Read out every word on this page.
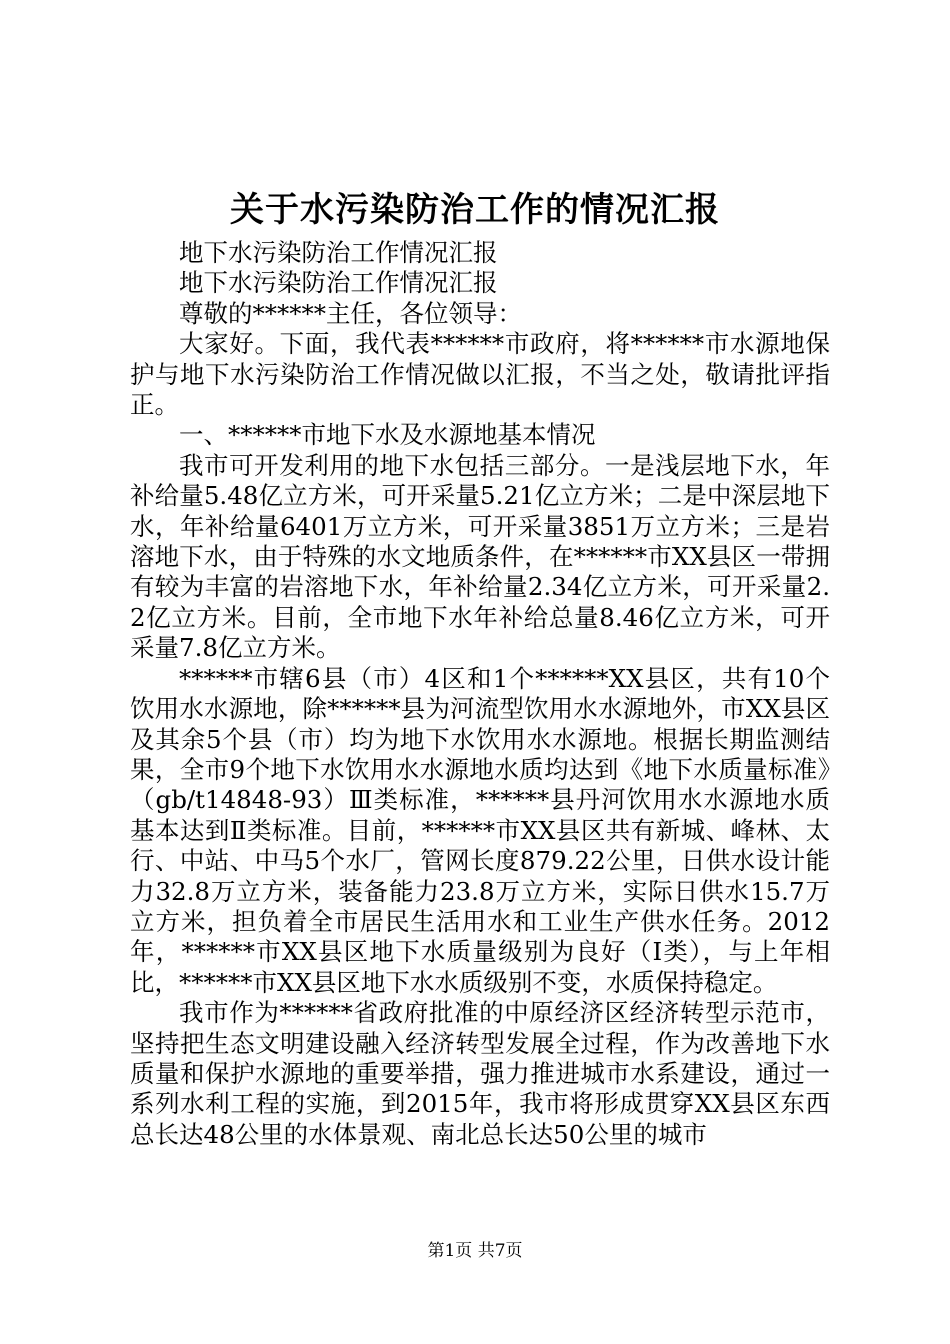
关于水污染防治工作的情况汇报

地下水污染防治工作情况汇报

地下水污染防治工作情况汇报

尊敬的******主任，各位领导：

大家好。下面，我代表******市政府，将******市水源地保护与地下水污染防治工作情况做以汇报，不当之处，敬请批评指正。

一、******市地下水及水源地基本情况

我市可开发利用的地下水包括三部分。一是浅层地下水，年补给量5.48亿立方米，可开采量5.21亿立方米；二是中深层地下水，年补给量6401万立方米，可开采量3851万立方米；三是岩溶地下水，由于特殊的水文地质条件，在******市XX县区一带拥有较为丰富的岩溶地下水，年补给量2.34亿立方米，可开采量2.2亿立方米。目前，全市地下水年补给总量8.46亿立方米，可开采量7.8亿立方米。

******市辖6县（市）4区和1个******XX县区，共有10个饮用水水源地，除******县为河流型饮用水水源地外，市XX县区及其余5个县（市）均为地下水饮用水水源地。根据长期监测结果，全市9个地下水饮用水水源地水质均达到《地下水质量标准》（gb/t14848-93）Ⅲ类标准，******县丹河饮用水水源地水质基本达到Ⅱ类标准。目前，******市XX县区共有新城、峰林、太行、中站、中马5个水厂，管网长度879.22公里，日供水设计能力32.8万立方米，装备能力23.8万立方米，实际日供水15.7万立方米，担负着全市居民生活用水和工业生产供水任务。2012年，******市XX县区地下水质量级别为良好（Ⅰ类），与上年相比，******市XX县区地下水水质级别不变，水质保持稳定。

我市作为******省政府批准的中原经济区经济转型示范市，坚持把生态文明建设融入经济转型发展全过程，作为改善地下水质量和保护水源地的重要举措，强力推进城市水系建设，通过一系列水利工程的实施，到2015年，我市将形成贯穿XX县区东西总长达48公里的水体景观、南北总长达50公里的城市

第1页 共7页
